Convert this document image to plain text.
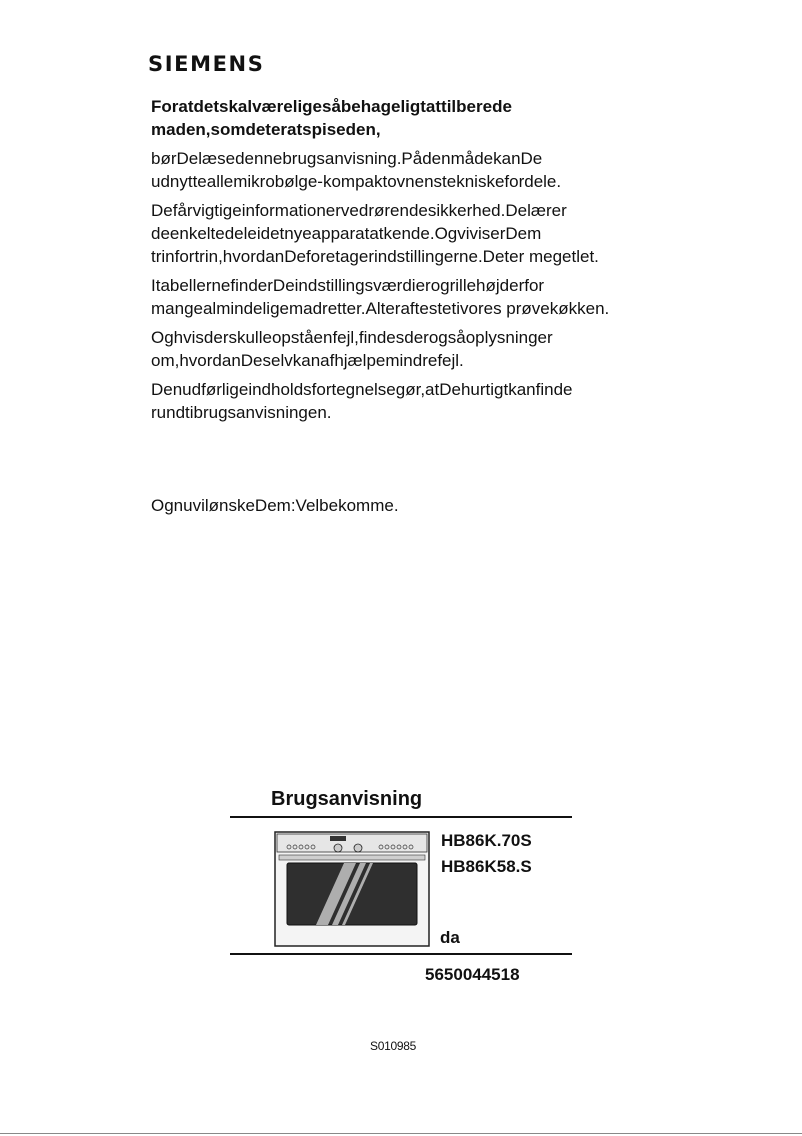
SIEMENS
Foratdetskalværeligesåbehageligtattilberede maden,somdeteratspiseden,

børDelæsedennebrugsanvisning.PådenmådekanDe udnytteallemikrobølge-kompaktovnenstekniskefordele.

Defårvigtigeinformationervedrørendesikkerhed.Delærer deenkeltedeleidetnyeapparatatkende.OgviviserDem trinfortrin,hvordanDeforetagerindstillingerne.Deter megetlet.

ItabellernefinderDeindstillingsværdierogrillehøjderfor mangealmindeligemadretter.Alteraftestetivores prøvekøkken.

Oghvisderskulleopståenfejl,findesderogsåoplysninger om,hvordanDeselvkanafhjælpemindrefejl.

Denudførligeindholdsfortegnelsegør,atDehurtigtkanfinde rundtibrugsanvisningen.

OgnuvilønskeDem:Velbekomme.
Brugsanvisning
HB86K.70S
HB86K58.S
da
5650044518
S010985
